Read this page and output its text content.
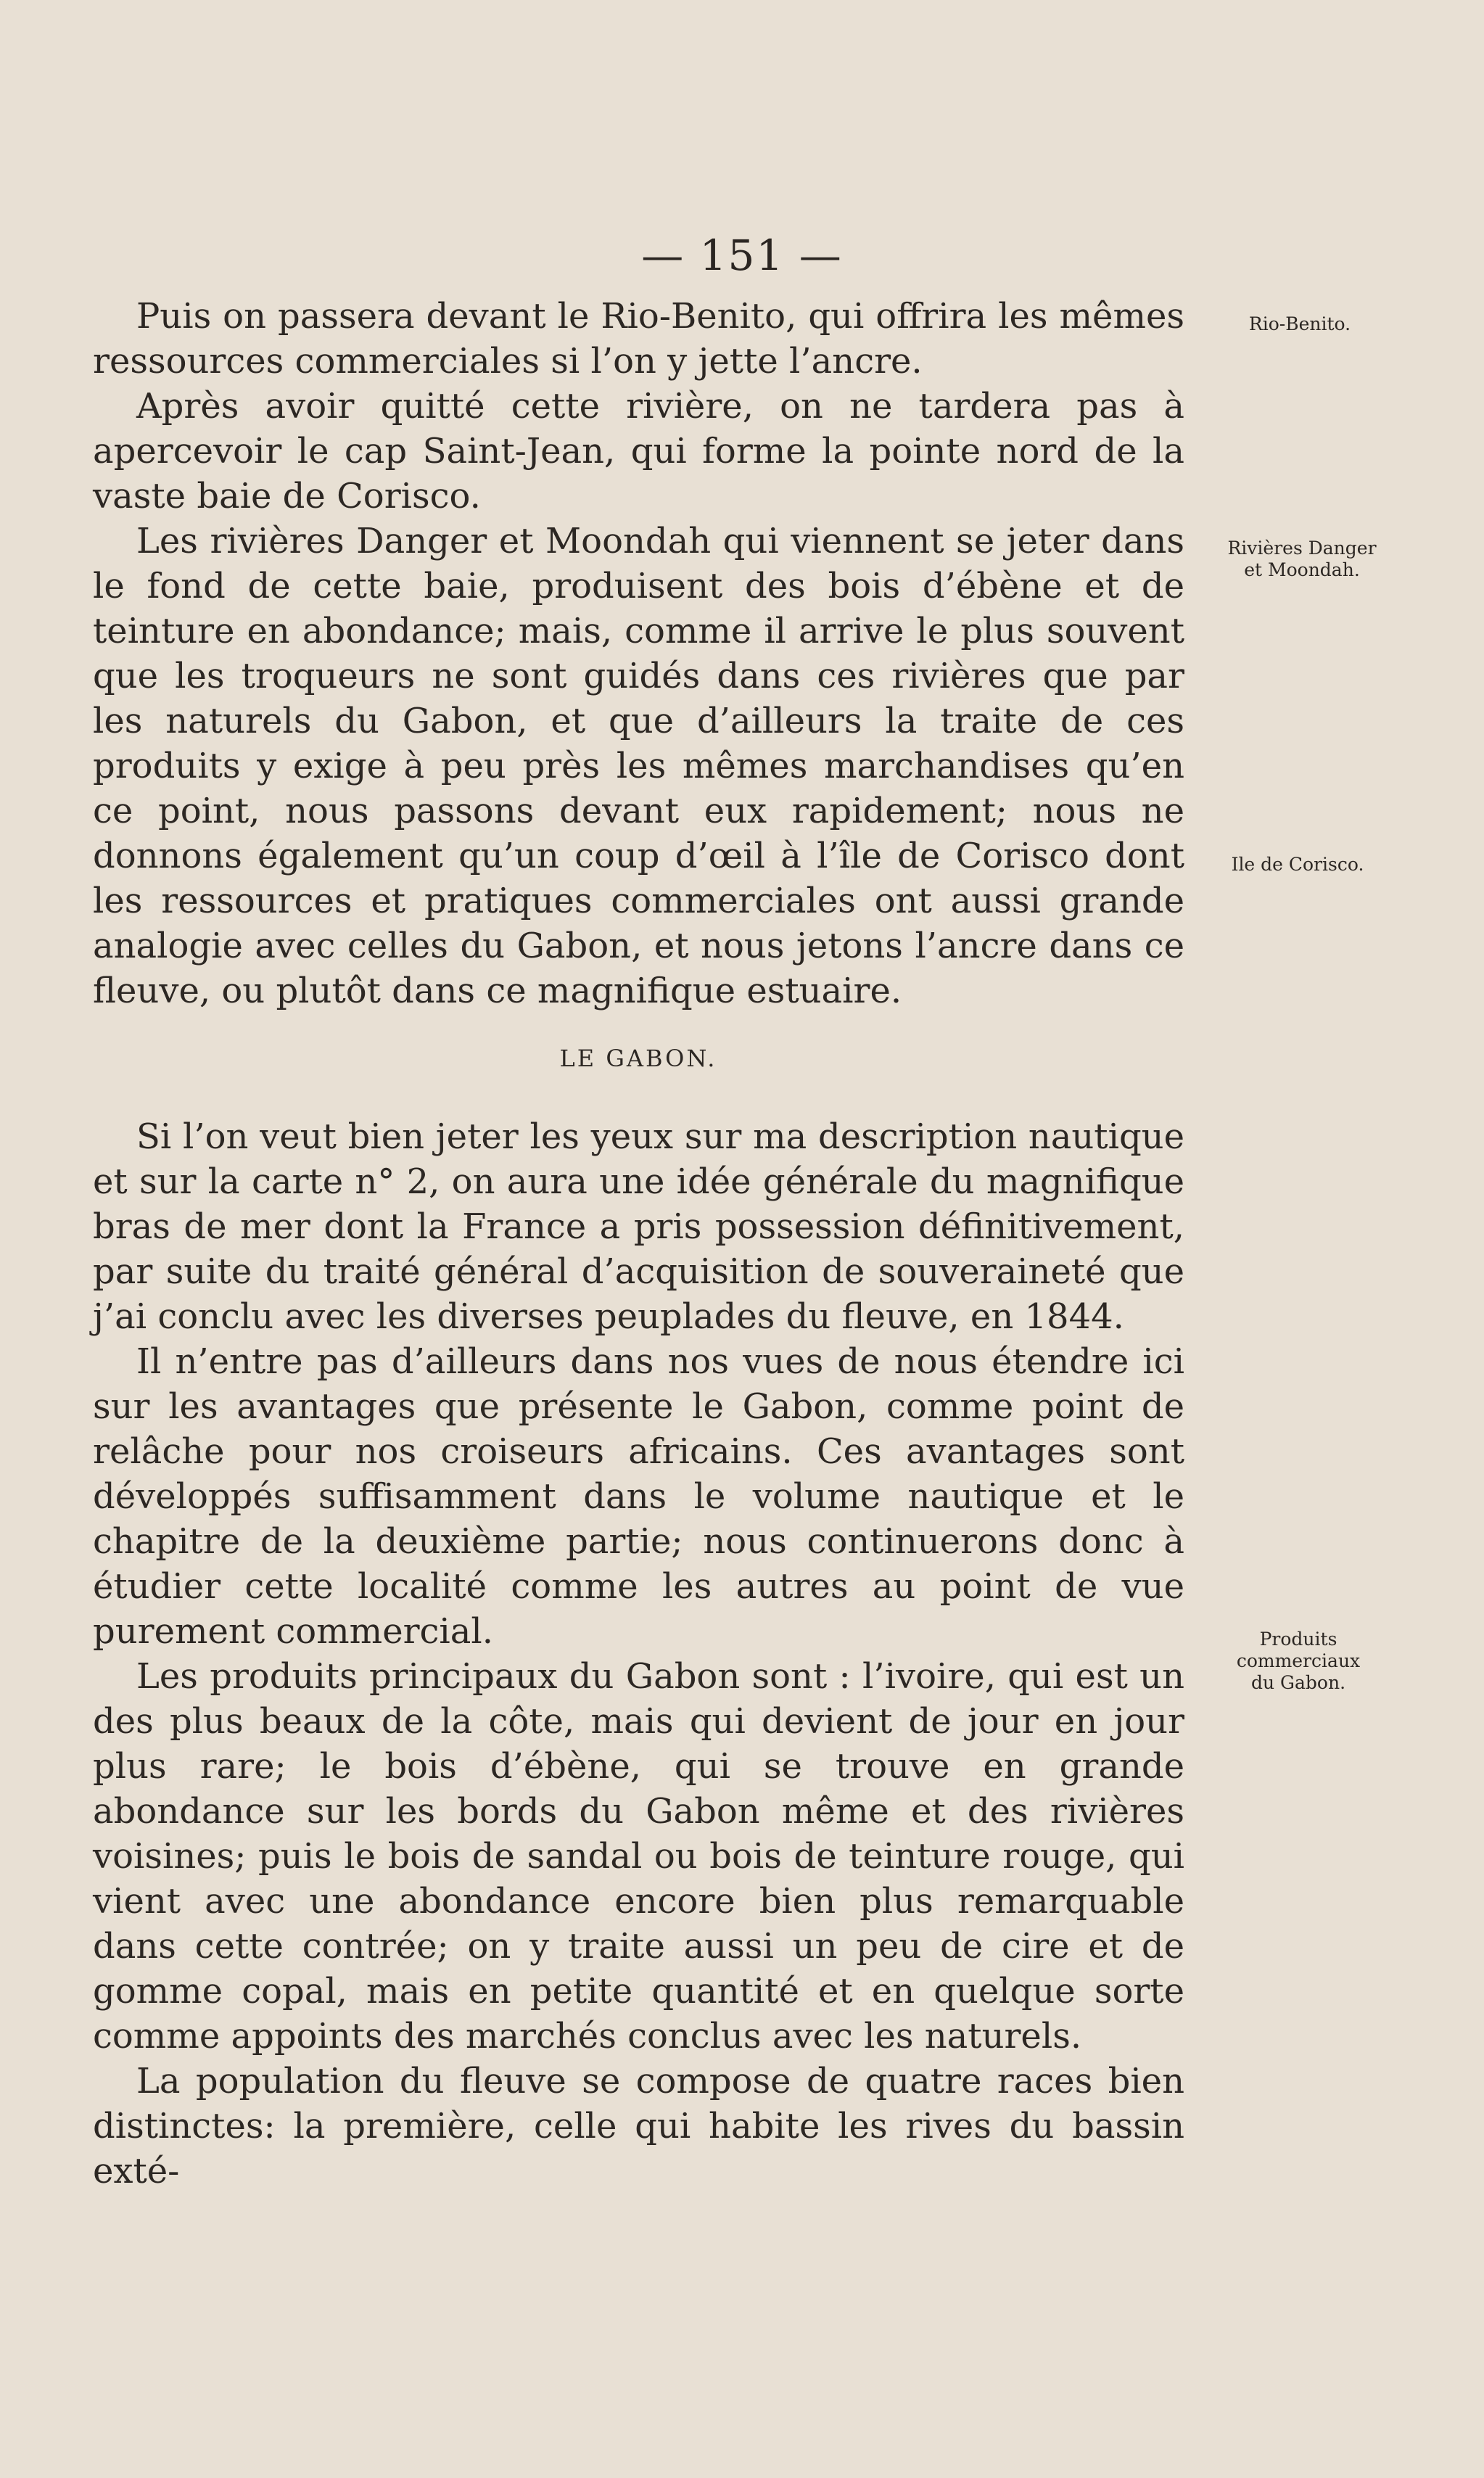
— 151 —

Puis on passera devant le Rio-Benito, qui offrira les mêmes ressources commerciales si l’on y jette l’ancre.

Après avoir quitté cette rivière, on ne tardera pas à apercevoir le cap Saint-Jean, qui forme la pointe nord de la vaste baie de Corisco.

Les rivières Danger et Moondah qui viennent se jeter dans le fond de cette baie, produisent des bois d’ébène et de teinture en abondance; mais, comme il arrive le plus souvent que les troqueurs ne sont guidés dans ces rivières que par les naturels du Gabon, et que d’ailleurs la traite de ces produits y exige à peu près les mêmes marchandises qu’en ce point, nous passons devant eux rapidement; nous ne donnons également qu’un coup d’œil à l’île de Corisco dont les ressources et pratiques commerciales ont aussi grande analogie avec celles du Gabon, et nous jetons l’ancre dans ce fleuve, ou plutôt dans ce magnifique estuaire.

LE GABON.

Si l’on veut bien jeter les yeux sur ma description nautique et sur la carte n° 2, on aura une idée générale du magnifique bras de mer dont la France a pris possession définitivement, par suite du traité général d’acquisition de souveraineté que j’ai conclu avec les diverses peuplades du fleuve, en 1844.

Il n’entre pas d’ailleurs dans nos vues de nous étendre ici sur les avantages que présente le Gabon, comme point de relâche pour nos croiseurs africains. Ces avantages sont développés suffisamment dans le volume nautique et le chapitre de la deuxième partie; nous continuerons donc à étudier cette localité comme les autres au point de vue purement commercial.

Les produits principaux du Gabon sont : l’ivoire, qui est un des plus beaux de la côte, mais qui devient de jour en jour plus rare; le bois d’ébène, qui se trouve en grande abondance sur les bords du Gabon même et des rivières voisines; puis le bois de sandal ou bois de teinture rouge, qui vient avec une abondance encore bien plus remarquable dans cette contrée; on y traite aussi un peu de cire et de gomme copal, mais en petite quantité et en quelque sorte comme appoints des marchés conclus avec les naturels.

La population du fleuve se compose de quatre races bien distinctes: la première, celle qui habite les rives du bassin exté-

Rio-Benito.
Rivières Danger
et Moondah.
Ile de Corisco.
Produits
commerciaux
du Gabon.
